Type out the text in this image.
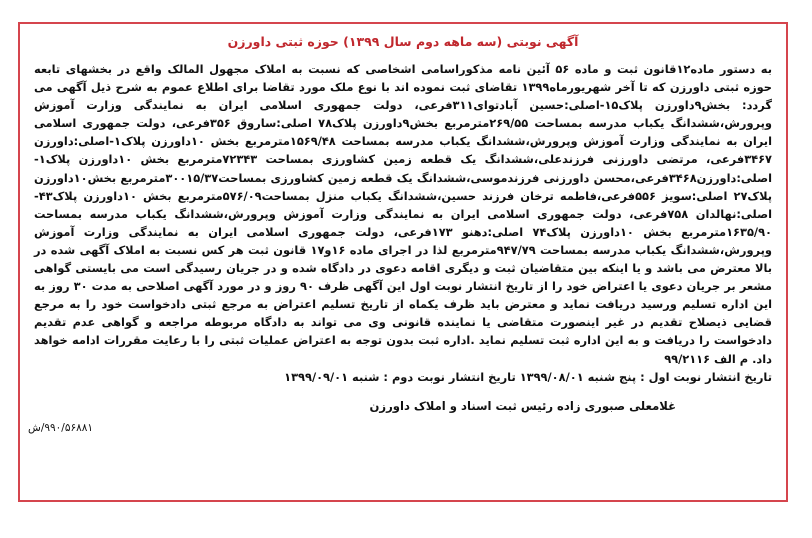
آگهی نوبتی (سه ماهه دوم سال ۱۳۹۹) حوزه ثبتی داورزن

به دستور ماده۱۲قانون ثبت و ماده ۵۶ آئین نامه مذکوراسامی اشخاصی که نسبت به املاک مجهول المالک واقع در بخشهای تابعه حوزه ثبتی داورزن که تا آخر شهریورماه۱۳۹۹ تقاضای ثبت نموده اند با نوع ملک مورد تقاضا برای اطلاع عموم به شرح ذیل آگهی می گردد: بخش۹داورزن پلاک۱۵-اصلی:حسین آبادتوای۳۱۱فرعی، دولت جمهوری اسلامی ایران به نمایندگی وزارت آموزش وپرورش،ششدانگ یکباب مدرسه بمساحت ۲۶۹/۵۵مترمربع بخش۹داورزن پلاک۷۸ اصلی:ساروق ۳۵۶فرعی، دولت جمهوری اسلامی ایران به نمایندگی وزارت آموزش وپرورش،ششدانگ یکباب مدرسه بمساحت ۱۵۶۹/۴۸مترمربع بخش ۱۰داورزن پلاک۱-اصلی:داورزن ۳۴۶۷فرعی، مرتضی داورزنی فرزندعلی،ششدانگ یک قطعه زمین کشاورزی بمساحت ۷۲۳۴۳مترمربع بخش ۱۰داورزن پلاک۱-اصلی:داورزن۳۴۶۸فرعی،محسن داورزنی فرزندموسی،ششدانگ یک قطعه زمین کشاورزی بمساحت۳۰۰۱۵/۳۷مترمربع بخش۱۰داورزن پلاک۲۷ اصلی:سویز ۵۵۶فرعی،فاطمه ترخان فرزند حسین،ششدانگ یکباب منزل بمساحت۵۷۶/۰۹مترمربع بخش ۱۰داورزن پلاک۴۳-اصلی:نهالدان ۷۵۸فرعی، دولت جمهوری اسلامی ایران به نمایندگی وزارت آموزش وپرورش،ششدانگ یکباب مدرسه بمساحت ۱۶۳۵/۹۰مترمربع بخش ۱۰داورزن پلاک۷۴ اصلی:دهنو ۱۷۳فرعی، دولت جمهوری اسلامی ایران به نمایندگی وزارت آموزش وپرورش،ششدانگ یکباب مدرسه بمساحت ۹۴۷/۷۹مترمربع لذا در اجرای ماده ۱۶و۱۷ قانون ثبت هر کس نسبت به املاک آگهی شده در بالا معترض می باشد و یا اینکه بین متقاضیان ثبت و دیگری اقامه دعوی در دادگاه شده و در جریان رسیدگی است می بایستی گواهی مشعر بر جریان دعوی یا اعتراض خود را از تاریخ انتشار نوبت اول این آگهی ظرف ۹۰ روز و در مورد آگهی اصلاحی به مدت ۳۰ روز به این اداره تسلیم ورسید دریافت نماید و معترض باید ظرف یکماه از تاریخ تسلیم اعتراض به مرجع ثبتی دادخواست خود را به مرجع قضایی ذیصلاح تقدیم در غیر اینصورت متقاضی یا نماینده قانونی وی می تواند به دادگاه مربوطه مراجعه و گواهی عدم تقدیم دادخواست را دریافت و به این اداره ثبت تسلیم نماید .اداره ثبت بدون توجه به اعتراض عملیات ثبتی را با رعایت مقررات ادامه خواهد داد. م الف ۹۹/۲۱۱۶

تاریخ انتشار نوبت اول : پنج شنبه ۱۳۹۹/۰۸/۰۱ تاریخ انتشار نوبت دوم : شنبه ۱۳۹۹/۰۹/۰۱

غلامعلی صبوری زاده رئیس ثبت اسناد و املاک داورزن
۹۹۰/۵۶۸۸۱/ش
